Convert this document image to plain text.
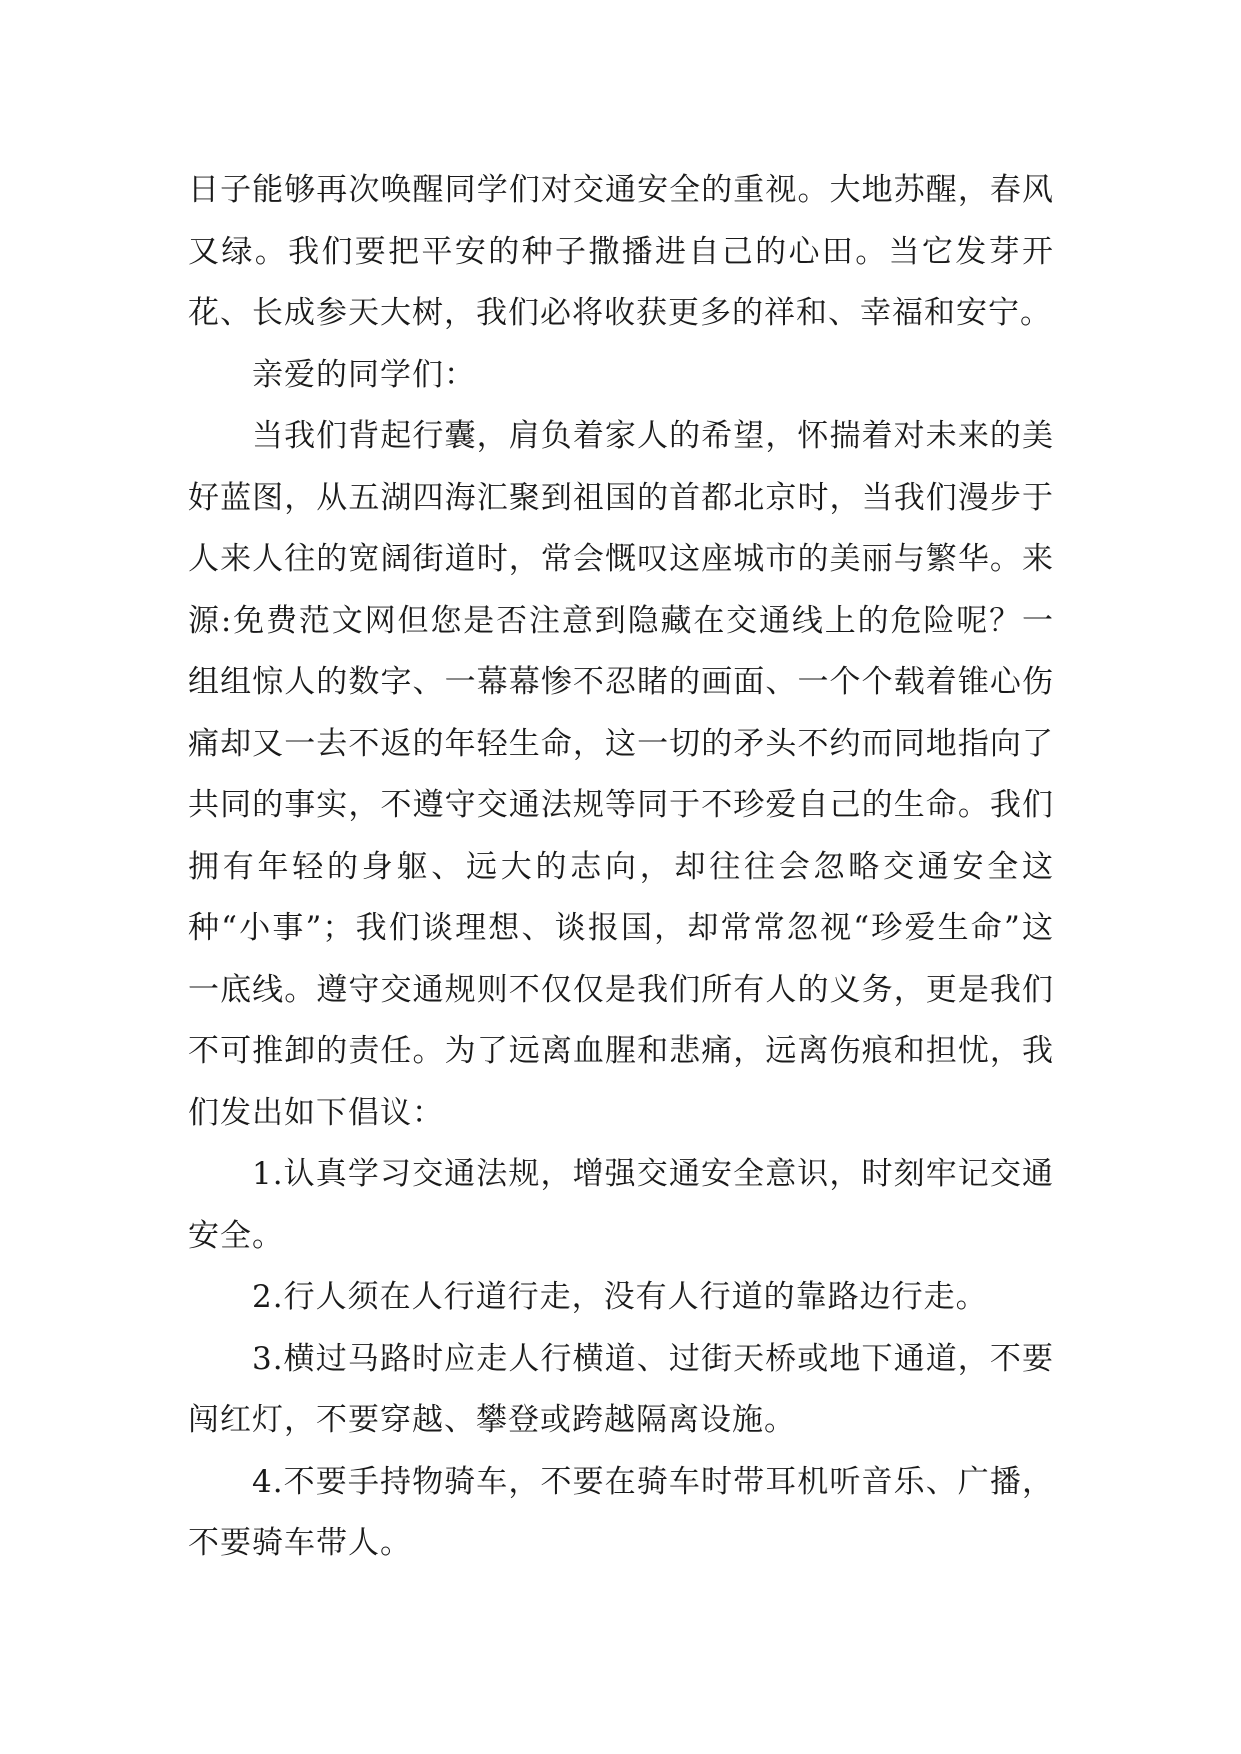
日子能够再次唤醒同学们对交通安全的重视。大地苏醒，春风又绿。我们要把平安的种子撒播进自己的心田。当它发芽开花、长成参天大树，我们必将收获更多的祥和、幸福和安宁。

亲爱的同学们：

当我们背起行囊，肩负着家人的希望，怀揣着对未来的美好蓝图，从五湖四海汇聚到祖国的首都北京时，当我们漫步于人来人往的宽阔街道时，常会慨叹这座城市的美丽与繁华。来源:免费范文网但您是否注意到隐藏在交通线上的危险呢？一组组惊人的数字、一幕幕惨不忍睹的画面、一个个载着锥心伤痛却又一去不返的年轻生命，这一切的矛头不约而同地指向了共同的事实，不遵守交通法规等同于不珍爱自己的生命。我们拥有年轻的身躯、远大的志向，却往往会忽略交通安全这种“小事”；我们谈理想、谈报国，却常常忽视“珍爱生命”这一底线。遵守交通规则不仅仅是我们所有人的义务，更是我们不可推卸的责任。为了远离血腥和悲痛，远离伤痕和担忧，我们发出如下倡议：

1.认真学习交通法规，增强交通安全意识，时刻牢记交通安全。

2.行人须在人行道行走，没有人行道的靠路边行走。

3.横过马路时应走人行横道、过街天桥或地下通道，不要闯红灯，不要穿越、攀登或跨越隔离设施。

4.不要手持物骑车，不要在骑车时带耳机听音乐、广播，不要骑车带人。
